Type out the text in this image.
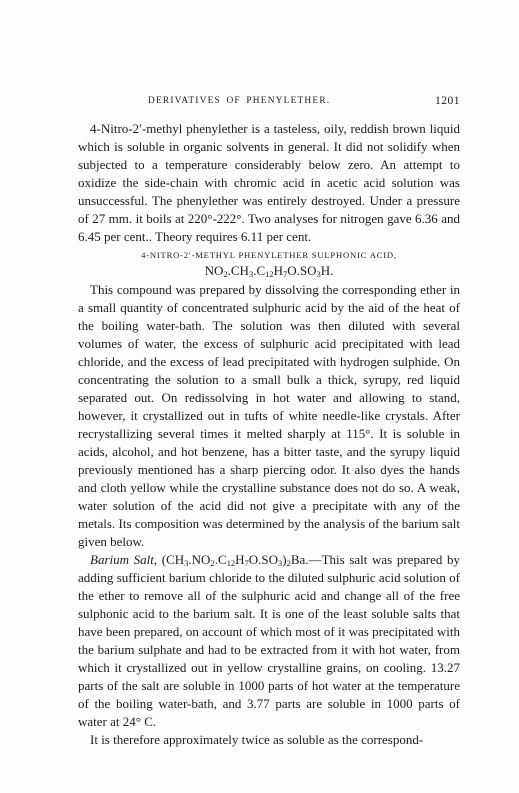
DERIVATIVES OF PHENYLETHER.	1201

4-Nitro-2′-methyl phenylether is a tasteless, oily, reddish brown liquid which is soluble in organic solvents in general. It did not solidify when subjected to a temperature considerably below zero. An attempt to oxidize the side-chain with chromic acid in acetic acid solution was unsuccessful. The phenylether was entirely destroyed. Under a pressure of 27 mm. it boils at 220°-222°. Two analyses for nitrogen gave 6.36 and 6.45 per cent.. Theory requires 6.11 per cent.

4-NITRO-2′-METHYL PHENYLETHER SULPHONIC ACID,
$NO_2.CH_3.C_{12}H_7O.SO_3H$.

This compound was prepared by dissolving the corresponding ether in a small quantity of concentrated sulphuric acid by the aid of the heat of the boiling water-bath. The solution was then diluted with several volumes of water, the excess of sulphuric acid precipitated with lead chloride, and the excess of lead precipitated with hydrogen sulphide. On concentrating the solution to a small bulk a thick, syrupy, red liquid separated out. On redissolving in hot water and allowing to stand, however, it crystallized out in tufts of white needle-like crystals. After recrystallizing several times it melted sharply at 115°. It is soluble in acids, alcohol, and hot benzene, has a bitter taste, and the syrupy liquid previously mentioned has a sharp piercing odor. It also dyes the hands and cloth yellow while the crystalline substance does not do so. A weak, water solution of the acid did not give a precipitate with any of the metals. Its composition was determined by the analysis of the barium salt given below.

Barium Salt, $(CH_3.NO_2.C_{12}H_7O.SO_3)_2Ba.—This$ salt was prepared by adding sufficient barium chloride to the diluted sulphuric acid solution of the ether to remove all of the sulphuric acid and change all of the free sulphonic acid to the barium salt. It is one of the least soluble salts that have been prepared, on account of which most of it was precipitated with the barium sulphate and had to be extracted from it with hot water, from which it crystallized out in yellow crystalline grains, on cooling. 13.27 parts of the salt are soluble in 1000 parts of hot water at the temperature of the boiling water-bath, and 3.77 parts are soluble in 1000 parts of water at 24° C.

It is therefore approximately twice as soluble as the correspond-
